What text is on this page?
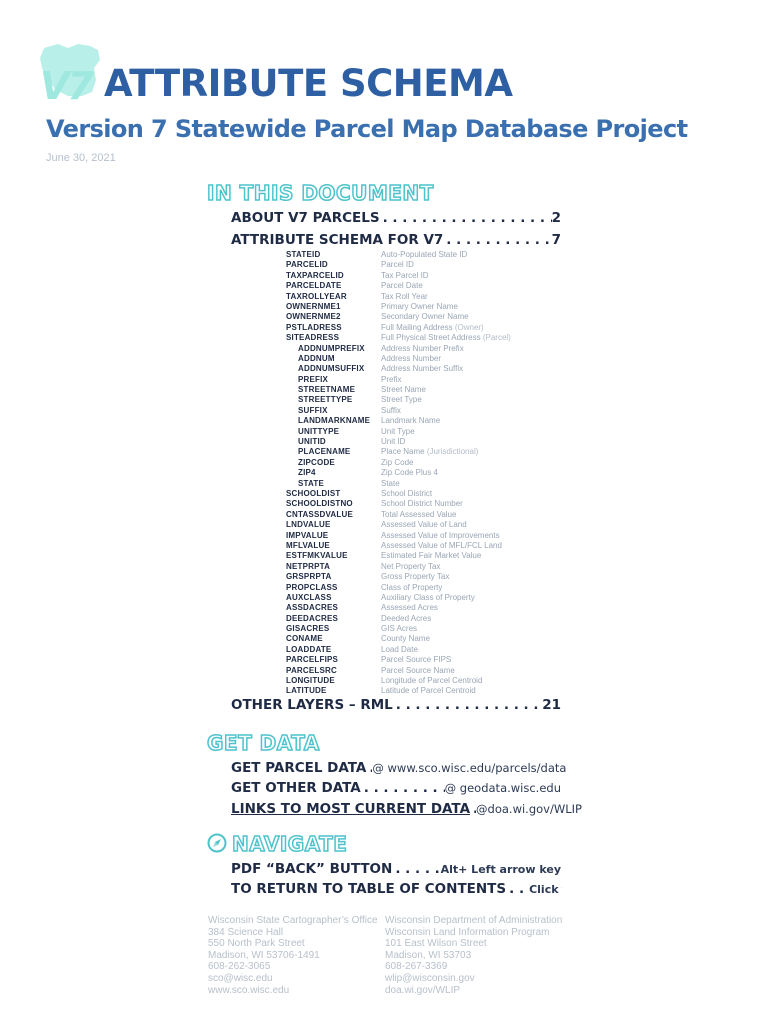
V7 ATTRIBUTE SCHEMA
Version 7 Statewide Parcel Map Database Project
June 30, 2021
IN THIS DOCUMENT
ABOUT V7 PARCELS . . .	2
ATTRIBUTE SCHEMA FOR V7 . . .	7
STATEID	Auto-Populated State ID
PARCELID	Parcel ID
TAXPARCELID	Tax Parcel ID
PARCELDATE	Parcel Date
TAXROLLYEAR	Tax Roll Year
OWNERNME1	Primary Owner Name
OWNERNME2	Secondary Owner Name
PSTLADRESS	Full Mailing Address (Owner)
SITEADRESS	Full Physical Street Address (Parcel)
ADDNUMPREFIX Address Number Prefix
ADDNUM	Address Number
ADDNUMSUFFIX Address Number Suffix
PREFIX	Prefix
STREETNAME	Street Name
STREETTYPE	Street Type
SUFFIX	Suffix
LANDMARKNAME Landmark Name
UNITTYPE	Unit Type
UNITID	Unit ID
PLACENAME	Place Name (Jurisdictional)
ZIPCODE	Zip Code
ZIP4	Zip Code Plus 4
STATE	State
SCHOOLDIST	School District
SCHOOLDISTNO	School District Number
CNTASSDVALUE	Total Assessed Value
LNDVALUE	Assessed Value of Land
IMPVALUE	Assessed Value of Improvements
MFLVALUE	Assessed Value of MFL/FCL Land
ESTFMKVALUE	Estimated Fair Market Value
NETPRPTA	Net Property Tax
GRSPRPTA	Gross Property Tax
PROPCLASS	Class of Property
AUXCLASS	Auxiliary Class of Property
ASSDACRES	Assessed Acres
DEEDACRES	Deeded Acres
GISACRES	GIS Acres
CONAME	County Name
LOADDATE	Load Date
PARCELFIPS	Parcel Source FIPS
PARCELSRC	Parcel Source Name
LONGITUDE	Longitude of Parcel Centroid
LATITUDE	Latitude of Parcel Centroid
OTHER LAYERS – RML . . .	21
GET DATA
GET PARCEL DATA . . . @ www.sco.wisc.edu/parcels/data
GET OTHER DATA . . .	@ geodata.wisc.edu
LINKS TO MOST CURRENT DATA . . . @doa.wi.gov/WLIP
NAVIGATE
PDF “BACK” BUTTON . . .	Alt+ Left arrow key
TO RETURN TO TABLE OF CONTENTS . . . Click
Wisconsin State Cartographer’s Office
384 Science Hall
550 North Park Street
Madison, WI 53706-1491
608-262-3065
sco@wisc.edu
www.sco.wisc.edu
Wisconsin Department of Administration
Wisconsin Land Information Program
101 East Wilson Street
Madison, WI 53703
608-267-3369
wlip@wisconsin.gov
doa.wi.gov/WLIP
